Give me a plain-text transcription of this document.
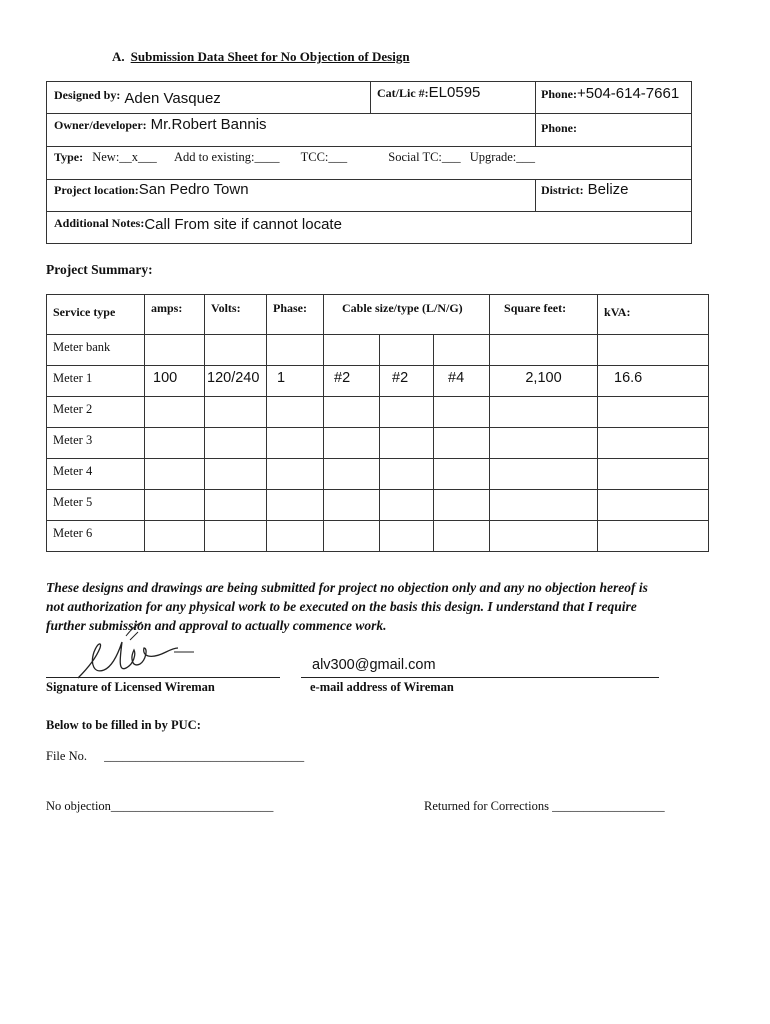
A. Submission Data Sheet for No Objection of Design
Designed by: Aden Vasquez	Cat/Lic #:EL0595	Phone:+504-614-7661
Owner/developer: Mr.Robert Bannis	Phone:
Type: New:__x___ Add to existing:____ TCC:___	Social TC:___ Upgrade:___
Project location:San Pedro Town	District: Belize
Additional Notes:Call From site if cannot locate
Project Summary:
Service type	amps:	Volts:	Phase:	Cable size/type (L/N/G)			Square feet:	kVA:
Meter bank								
Meter 1	100	120/240	1	#2	#2	#4	2,100	16.6
Meter 2								
Meter 3								
Meter 4								
Meter 5								
Meter 6								
These designs and drawings are being submitted for project no objection only and any no objection hereof is
not authorization for any physical work to be executed on the basis this design. I understand that I require
further submission and approval to actually commence work.
Signature of Licensed Wireman
alv300@gmail.com
e-mail address of Wireman
Below to be filled in by PUC:
File No. ________________________________
No objection__________________________	Returned for Corrections __________________
